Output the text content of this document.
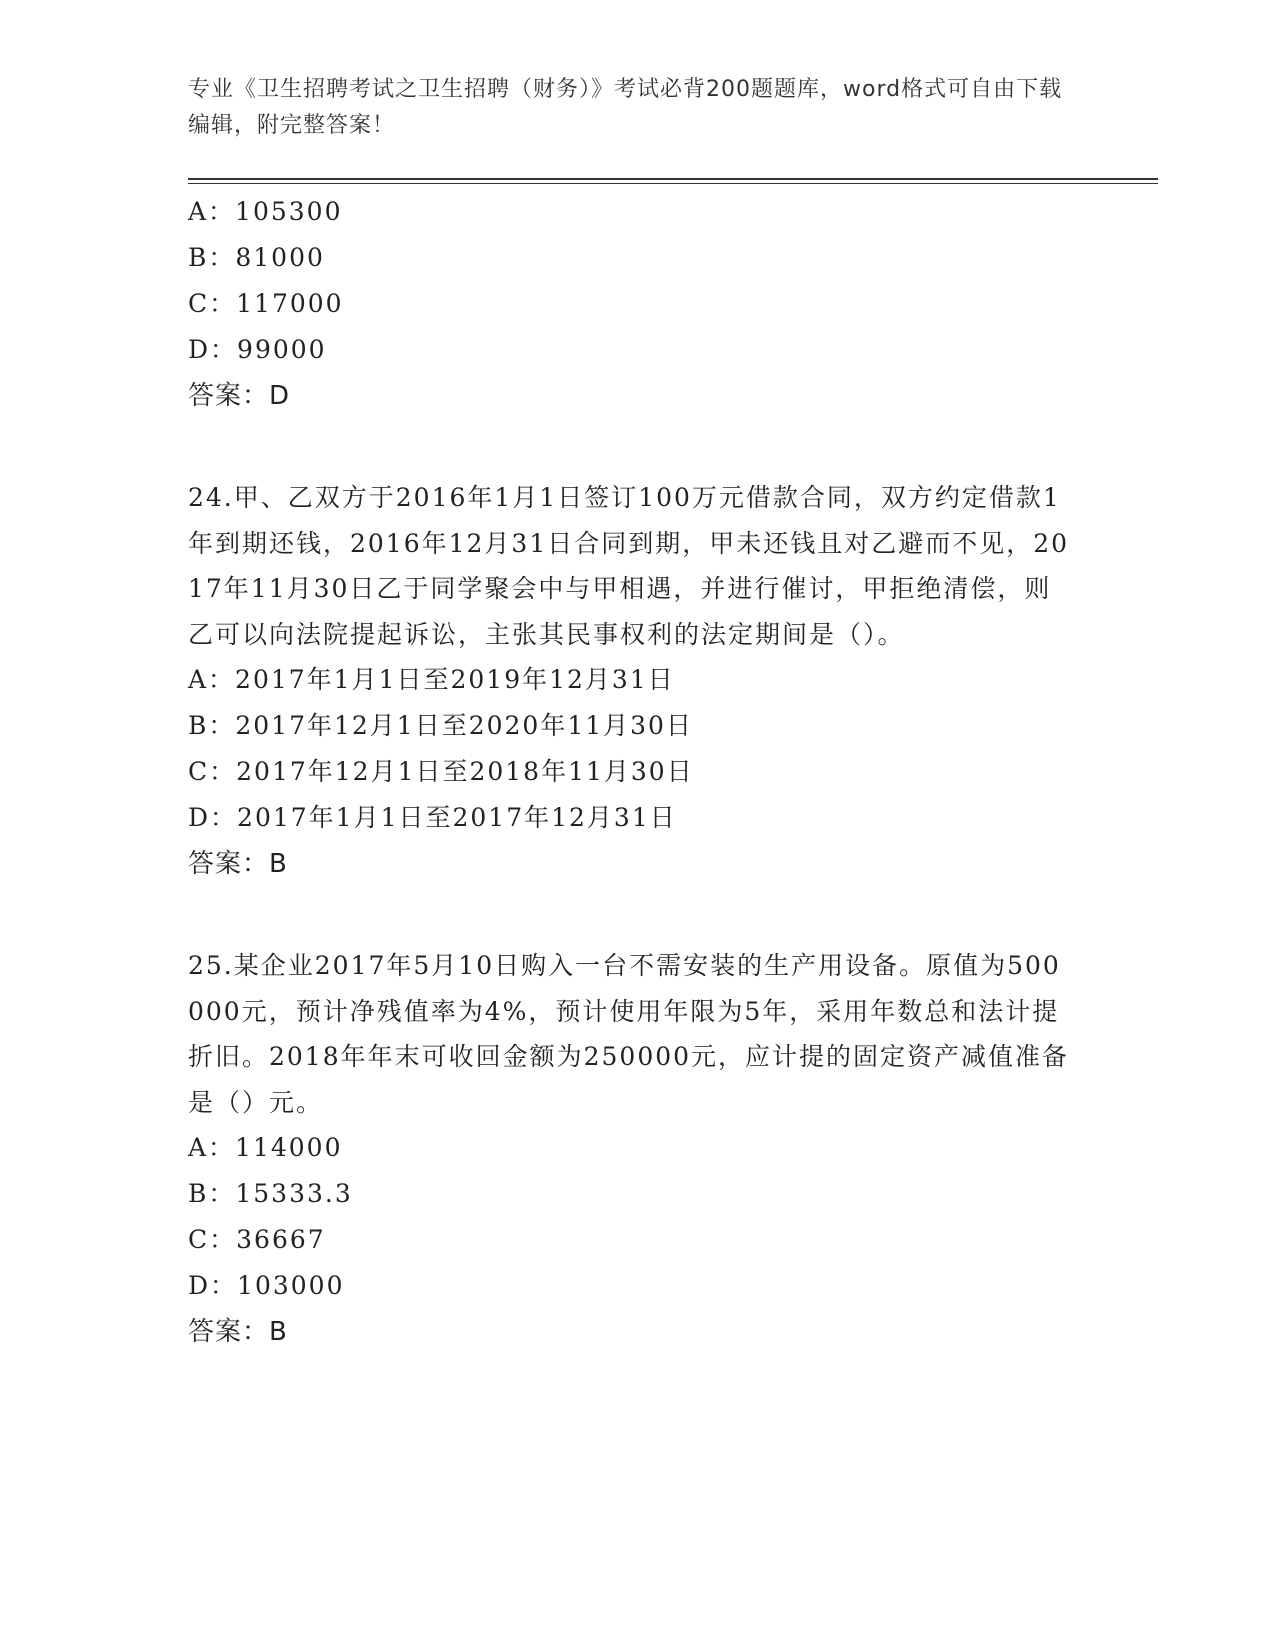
专业《卫生招聘考试之卫生招聘（财务）》考试必背200题题库，word格式可自由下载编辑，附完整答案！
A：105300
B：81000
C：117000
D：99000
答案：D
24.甲、乙双方于2016年1月1日签订100万元借款合同，双方约定借款1年到期还钱，2016年12月31日合同到期，甲未还钱且对乙避而不见，2017年11月30日乙于同学聚会中与甲相遇，并进行催讨，甲拒绝清偿，则乙可以向法院提起诉讼，主张其民事权利的法定期间是（）。
A：2017年1月1日至2019年12月31日
B：2017年12月1日至2020年11月30日
C：2017年12月1日至2018年11月30日
D：2017年1月1日至2017年12月31日
答案：B
25.某企业2017年5月10日购入一台不需安装的生产用设备。原值为500000元，预计净残值率为4%，预计使用年限为5年，采用年数总和法计提折旧。2018年年末可收回金额为250000元，应计提的固定资产减值准备是（）元。
A：114000
B：15333.3
C：36667
D：103000
答案：B
